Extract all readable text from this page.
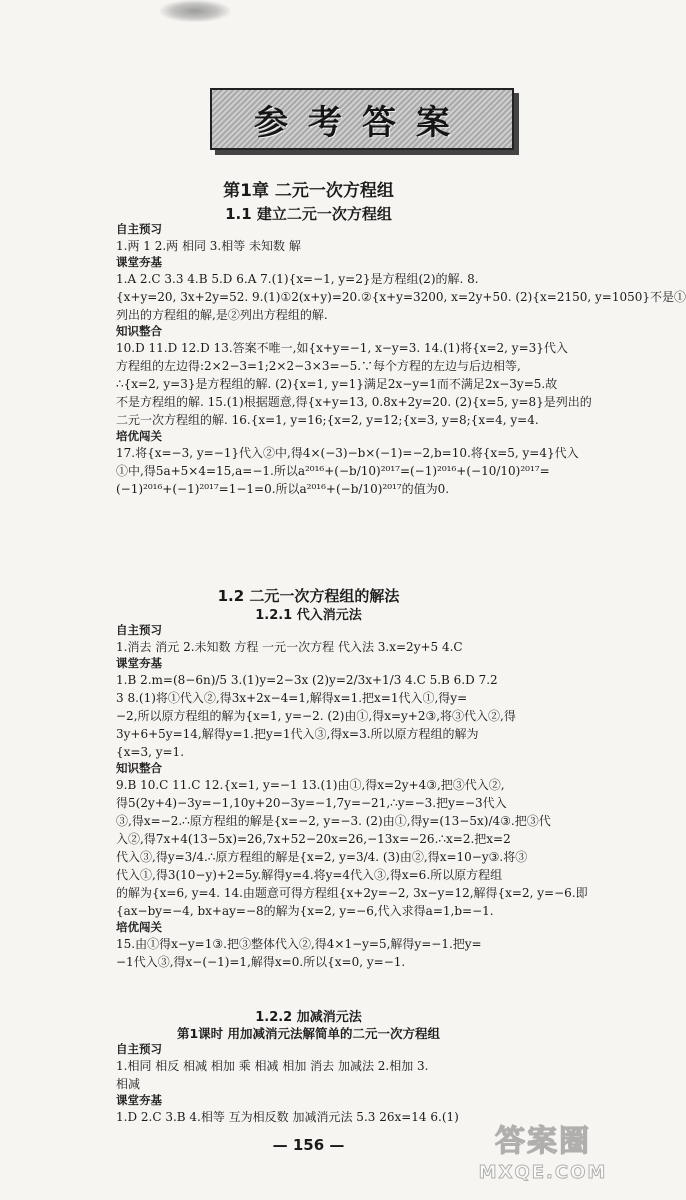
参考答案
第1章 二元一次方程组
1.1 建立二元一次方程组
自主预习
1.两 1 2.两 相同 3.相等 未知数 解
课堂夯基
1.A 2.C 3.3 4.B 5.D 6.A 7.(1){x=−1, y=2}是方程组(2)的解. 8.
{x+y=20, 3x+2y=52. 9.(1)①2(x+y)=20.②{x+y=3200, x=2y+50. (2){x=2150, y=1050}不是①
列出的方程组的解,是②列出方程组的解.
知识整合
10.D 11.D 12.D 13.答案不唯一,如{x+y=−1, x−y=3. 14.(1)将{x=2, y=3}代入
方程组的左边得:2×2−3=1;2×2−3×3=−5.∵每个方程的左边与后边相等,
∴{x=2, y=3}是方程组的解. (2){x=1, y=1}满足2x−y=1而不满足2x−3y=5.故
不是方程组的解. 15.(1)根据题意,得{x+y=13, 0.8x+2y=20. (2){x=5, y=8}是列出的
二元一次方程组的解. 16.{x=1, y=16;{x=2, y=12;{x=3, y=8;{x=4, y=4.
培优闯关
17.将{x=−3, y=−1}代入②中,得4×(−3)−b×(−1)=−2,b=10.将{x=5, y=4}代入
①中,得5a+5×4=15,a=−1.所以a²⁰¹⁶+(−b/10)²⁰¹⁷=(−1)²⁰¹⁶+(−10/10)²⁰¹⁷=
(−1)²⁰¹⁶+(−1)²⁰¹⁷=1−1=0.所以a²⁰¹⁶+(−b/10)²⁰¹⁷的值为0.
1.2 二元一次方程组的解法
1.2.1 代入消元法
自主预习
1.消去 消元 2.未知数 方程 一元一次方程 代入法 3.x=2y+5 4.C
课堂夯基
1.B 2.m=(8−6n)/5 3.(1)y=2−3x (2)y=2/3x+1/3 4.C 5.B 6.D 7.2
3 8.(1)将①代入②,得3x+2x−4=1,解得x=1.把x=1代入①,得y=
−2,所以原方程组的解为{x=1, y=−2. (2)由①,得x=y+2③,将③代入②,得
3y+6+5y=14,解得y=1.把y=1代入③,得x=3.所以原方程组的解为
{x=3, y=1.
知识整合
9.B 10.C 11.C 12.{x=1, y=−1 13.(1)由①,得x=2y+4③,把③代入②,
得5(2y+4)−3y=−1,10y+20−3y=−1,7y=−21,∴y=−3.把y=−3代入
③,得x=−2.∴原方程组的解是{x=−2, y=−3. (2)由①,得y=(13−5x)/4③.把③代
入②,得7x+4(13−5x)=26,7x+52−20x=26,−13x=−26.∴x=2.把x=2
代入③,得y=3/4.∴原方程组的解是{x=2, y=3/4. (3)由②,得x=10−y③.将③
代入①,得3(10−y)+2=5y.解得y=4.将y=4代入③,得x=6.所以原方程组
的解为{x=6, y=4. 14.由题意可得方程组{x+2y=−2, 3x−y=12,解得{x=2, y=−6.即
{ax−by=−4, bx+ay=−8的解为{x=2, y=−6,代入求得a=1,b=−1.
培优闯关
15.由①得x−y=1③.把③整体代入②,得4×1−y=5,解得y=−1.把y=
−1代入③,得x−(−1)=1,解得x=0.所以{x=0, y=−1.
1.2.2 加减消元法
第1课时 用加减消元法解简单的二元一次方程组
自主预习
1.相同 相反 相减 相加 乘 相减 相加 消去 加减法 2.相加 3.
相减
课堂夯基
1.D 2.C 3.B 4.相等 互为相反数 加减消元法 5.3 26x=14 6.(1)
— 156 —	答案圈
MXQE.COM
